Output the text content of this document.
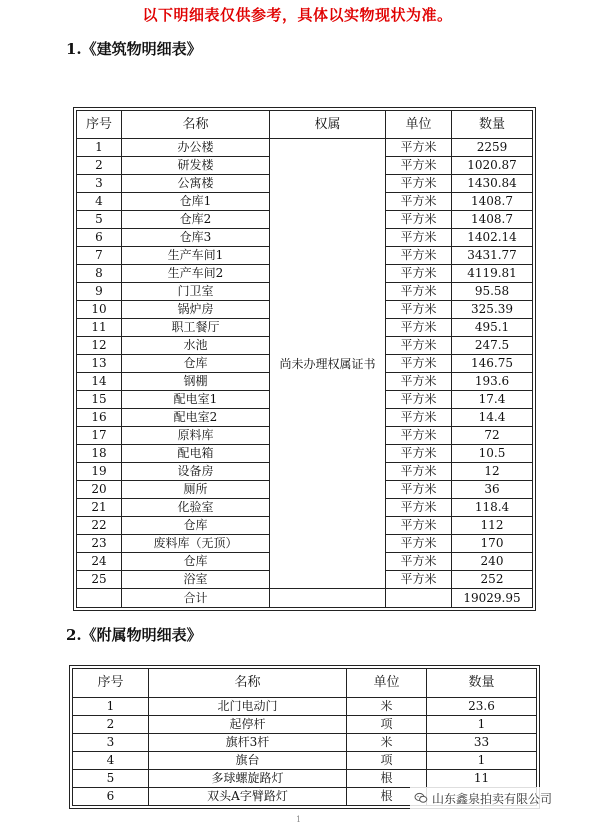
以下明细表仅供参考，具体以实物现状为准。
1.《建筑物明细表》
序号	名称	权属	单位	数量
1	办公楼	尚未办理权属证书	平方米	2259
2	研发楼		平方米	1020.87
3	公寓楼		平方米	1430.84
4	仓库1		平方米	1408.7
5	仓库2		平方米	1408.7
6	仓库3		平方米	1402.14
7	生产车间1		平方米	3431.77
8	生产车间2		平方米	4119.81
9	门卫室		平方米	95.58
10	锅炉房		平方米	325.39
11	职工餐厅		平方米	495.1
12	水池		平方米	247.5
13	仓库		平方米	146.75
14	钢棚		平方米	193.6
15	配电室1		平方米	17.4
16	配电室2		平方米	14.4
17	原料库		平方米	72
18	配电箱		平方米	10.5
19	设备房		平方米	12
20	厕所		平方米	36
21	化验室		平方米	118.4
22	仓库		平方米	112
23	废料库（无顶）		平方米	170
24	仓库		平方米	240
25	浴室		平方米	252
	合计			19029.95
2.《附属物明细表》
序号	名称	单位	数量
1	北门电动门	米	23.6
2	起停杆	项	1
3	旗杆3杆	米	33
4	旗台	项	1
5	多球螺旋路灯	根	11
6	双头A字臂路灯	根		山东鑫泉拍卖有限公司
1
